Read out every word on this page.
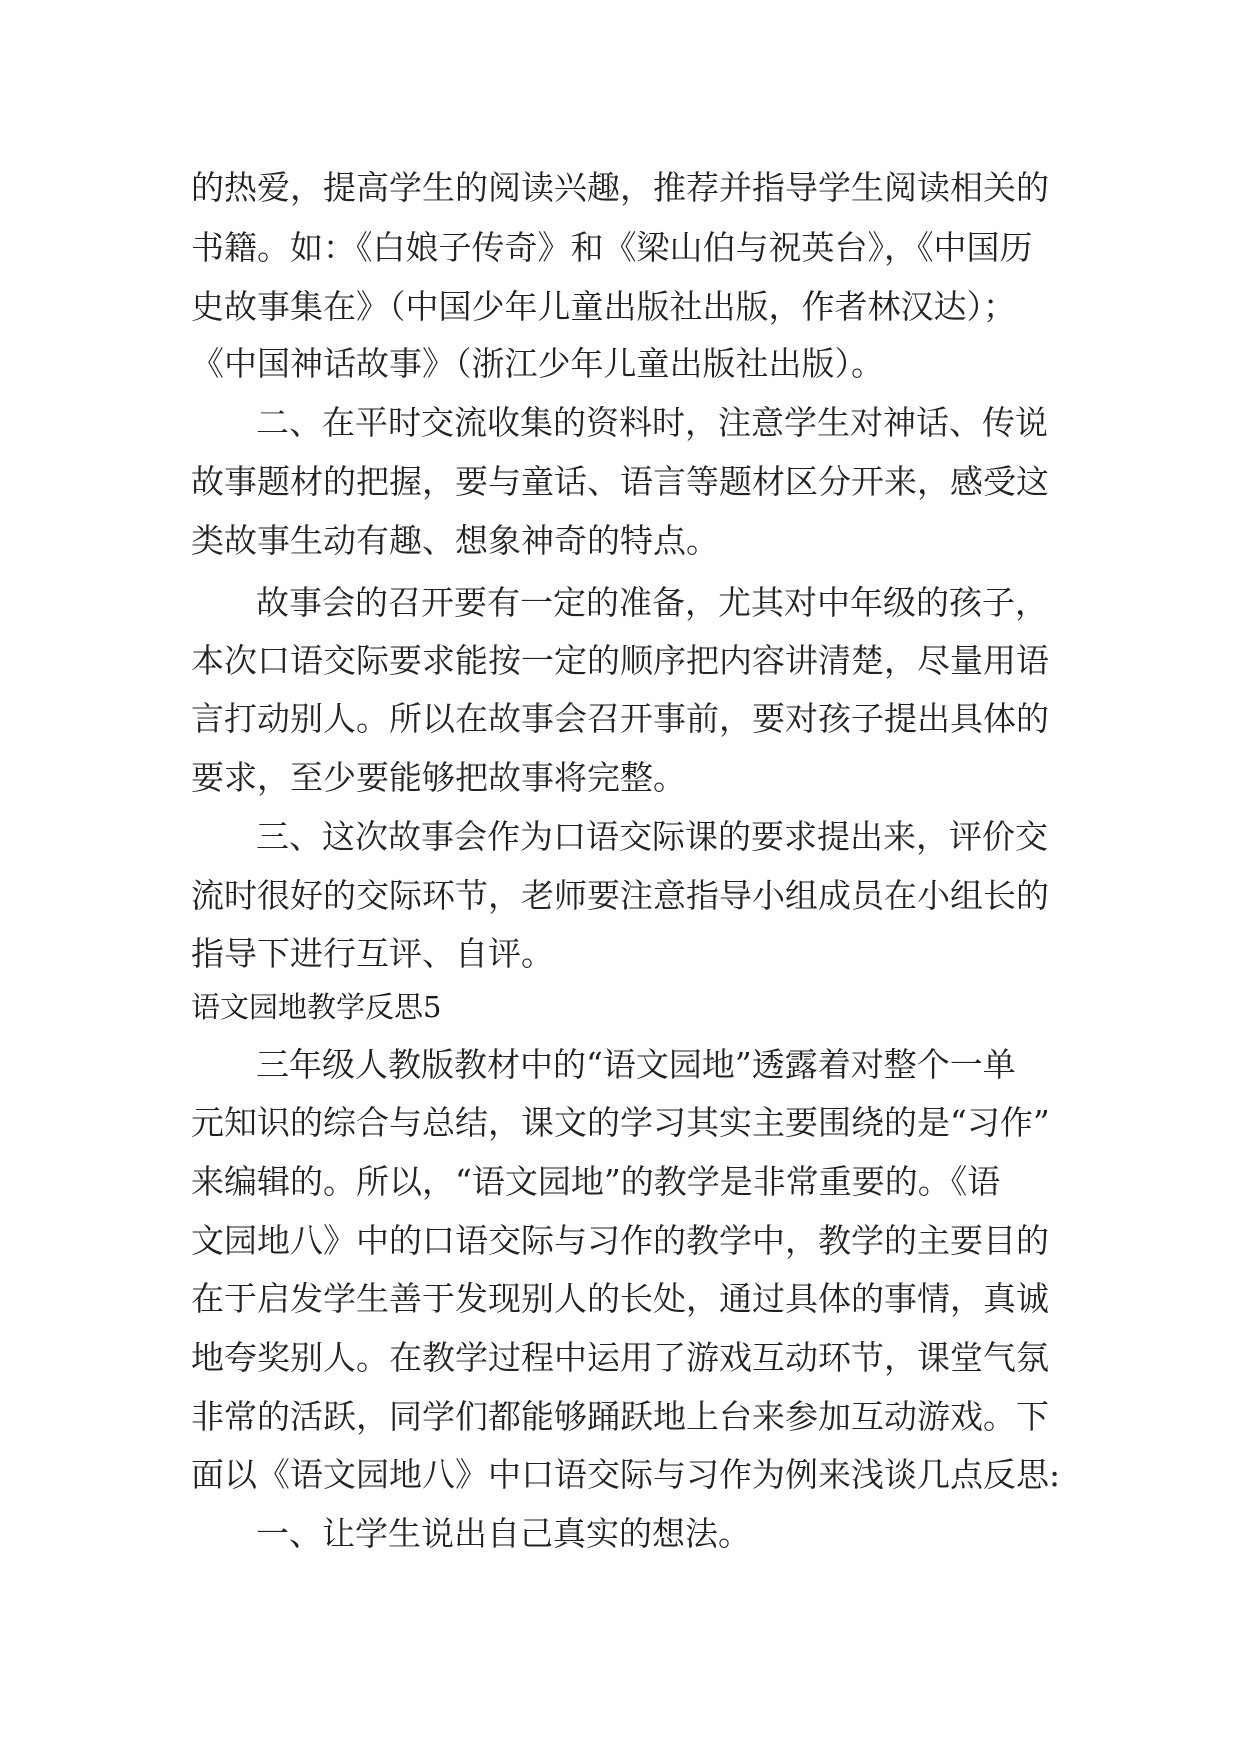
的热爱，提高学生的阅读兴趣，推荐并指导学生阅读相关的

书籍。如：《白娘子传奇》和《梁山伯与祝英台》，《中国历

史故事集在》（中国少年儿童出版社出版，作者林汉达）；

《中国神话故事》（浙江少年儿童出版社出版）。

二、在平时交流收集的资料时，注意学生对神话、传说

故事题材的把握，要与童话、语言等题材区分开来，感受这

类故事生动有趣、想象神奇的特点。

故事会的召开要有一定的准备，尤其对中年级的孩子，

本次口语交际要求能按一定的顺序把内容讲清楚，尽量用语

言打动别人。所以在故事会召开事前，要对孩子提出具体的

要求，至少要能够把故事将完整。

三、这次故事会作为口语交际课的要求提出来，评价交

流时很好的交际环节，老师要注意指导小组成员在小组长的

指导下进行互评、自评。

语文园地教学反思5

三年级人教版教材中的“语文园地”透露着对整个一单

元知识的综合与总结，课文的学习其实主要围绕的是“习作”

来编辑的。所以，“语文园地”的教学是非常重要的。《语

文园地八》中的口语交际与习作的教学中，教学的主要目的

在于启发学生善于发现别人的长处，通过具体的事情，真诚

地夸奖别人。在教学过程中运用了游戏互动环节，课堂气氛

非常的活跃，同学们都能够踊跃地上台来参加互动游戏。下

面以《语文园地八》中口语交际与习作为例来浅谈几点反思:

一、让学生说出自己真实的想法。
